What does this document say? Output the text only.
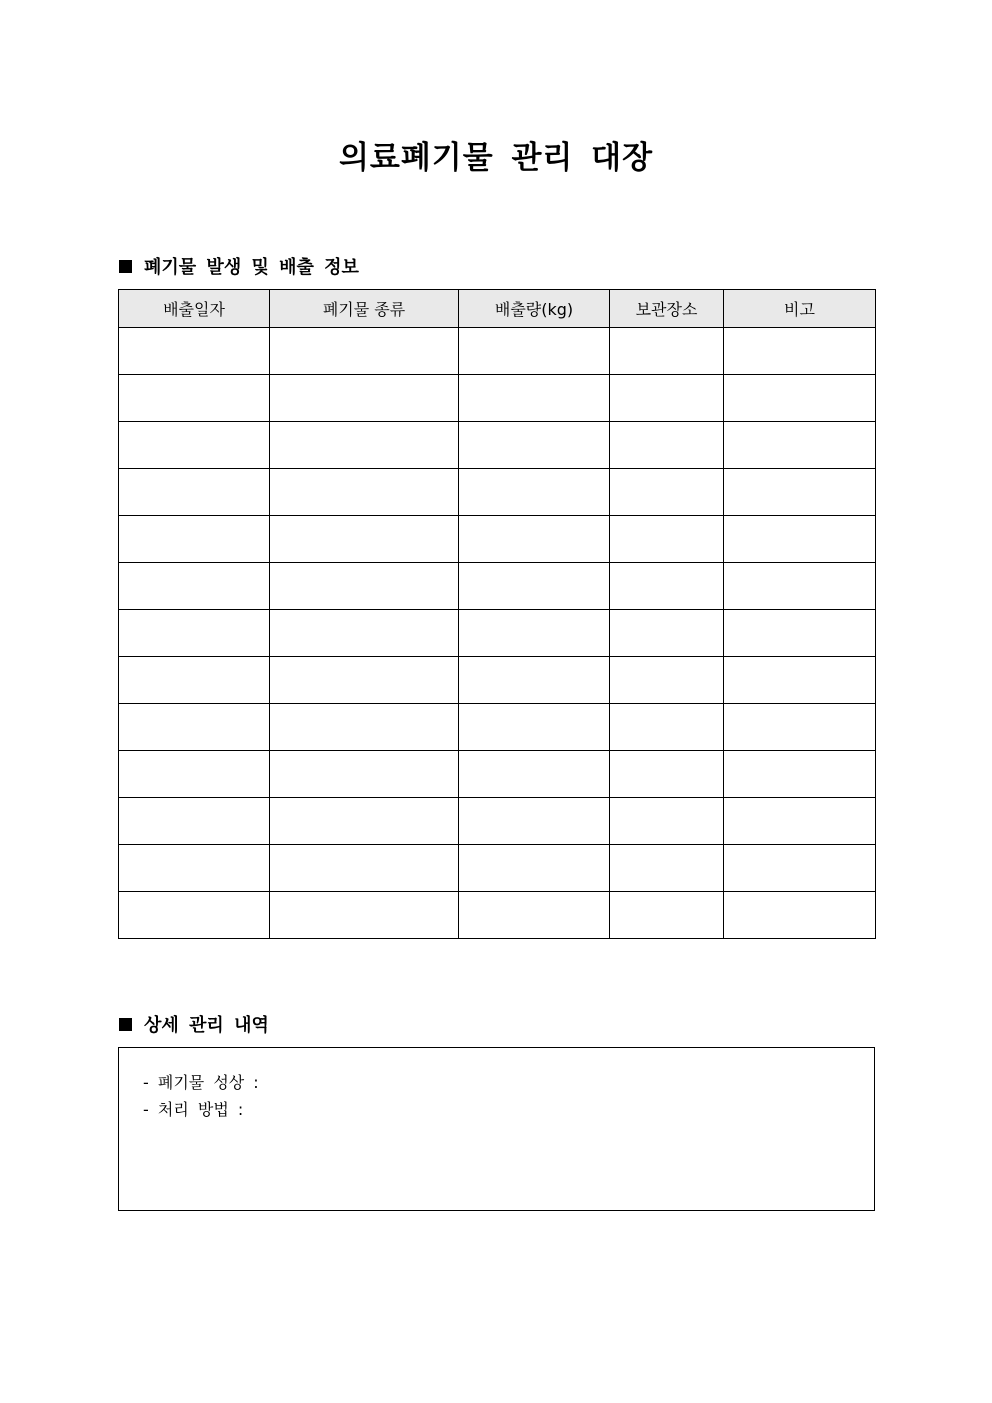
의료폐기물 관리 대장
폐기물 발생 및 배출 정보
배출일자	폐기물 종류	배출량(kg)	보관장소	비고

상세 관리 내역
- 폐기물 성상 :
- 처리 방법 :
